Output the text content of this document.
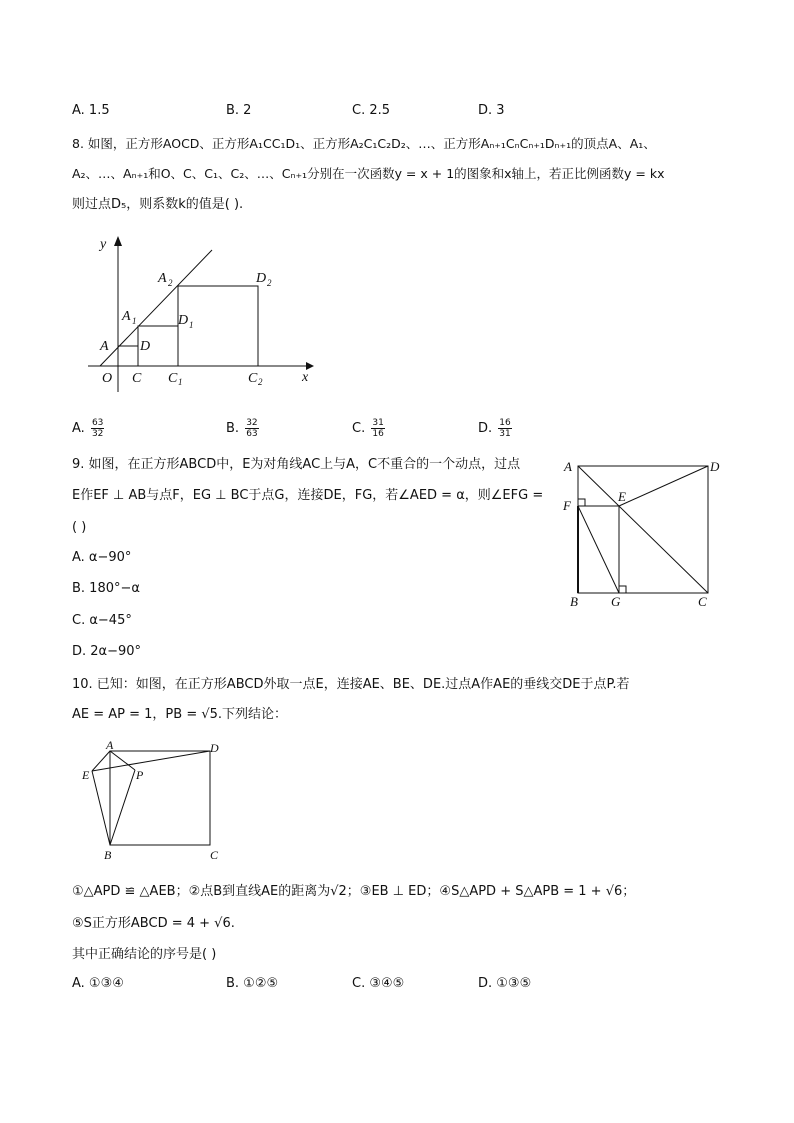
A. 1.5	B. 2	C. 2.5	D. 3
8. 如图，正方形AOCD、正方形A₁CC₁D₁、正方形A₂C₁C₂D₂、…、正方形Aₙ₊₁CₙCₙ₊₁Dₙ₊₁的顶点A、A₁、
A₂、…、Aₙ₊₁和O、C、C₁、C₂、…、Cₙ₊₁分别在一次函数y = x + 1的图象和x轴上，若正比例函数y = kx
则过点D₅，则系数k的值是( ).
y
x
O
A D
C
A 1	D 1
C 1
A 2	D 2
C 2
A. $\frac{63}{32}$	B. $\frac{32}{63}$	C. $\frac{31}{16}$	D. $\frac{16}{31}$
9. 如图，在正方形ABCD中，E为对角线AC上与A，C不重合的一个动点，过点
E作EF ⊥ AB与点F，EG ⊥ BC于点G，连接DE，FG，若∠AED = α，则∠EFG =
( )
A. α−90°
B. 180°−α
C. α−45°
D. 2α−90°
A	D
F
E
B	G	C
10. 已知：如图，在正方形ABCD外取一点E，连接AE、BE、DE.过点A作AE的垂线交DE于点P.若
AE = AP = 1，PB = √5.下列结论：
A	D
E	P
B	C
①△APD ≌ △AEB；②点B到直线AE的距离为√2；③EB ⊥ ED；④S△APD + S△APB = 1 + √6；
⑤S正方形ABCD = 4 + √6.
其中正确结论的序号是( )
A. ①③④	B. ①②⑤	C. ③④⑤	D. ①③⑤
